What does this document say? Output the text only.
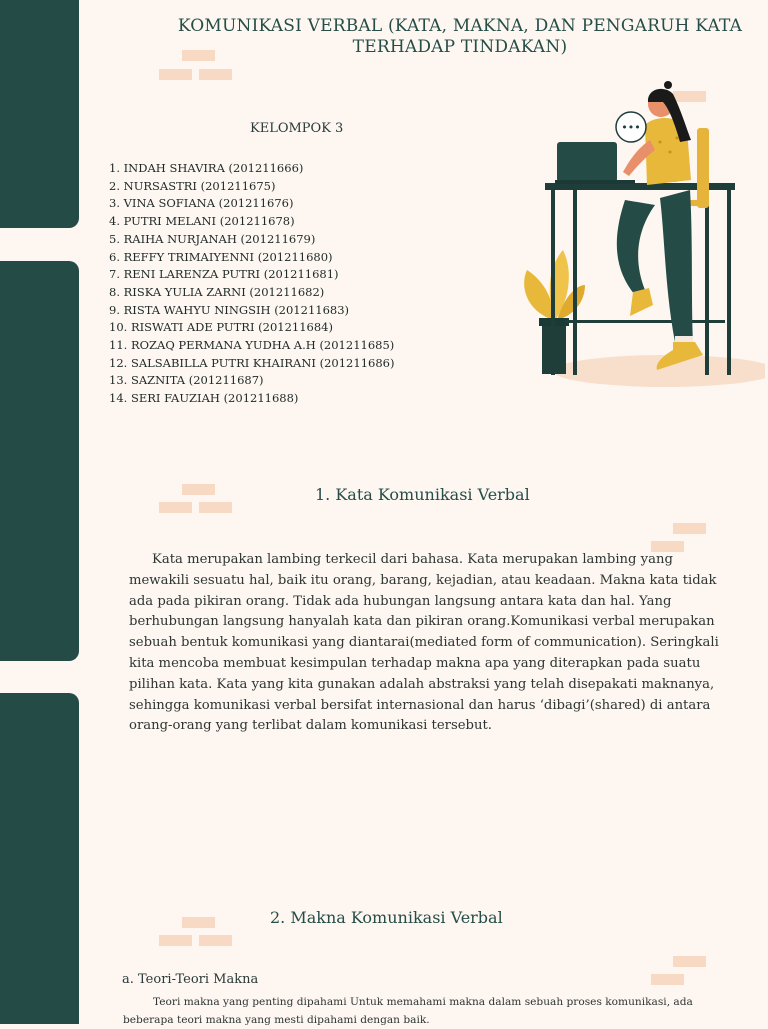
KOMUNIKASI VERBAL (KATA, MAKNA, DAN PENGARUH KATA
TERHADAP TINDAKAN)
KELOMPOK 3
1. INDAH SHAVIRA (201211666)
2. NURSASTRI (201211675)
3. VINA SOFIANA (201211676)
4. PUTRI MELANI (201211678)
5. RAIHA NURJANAH (201211679)
6. REFFY TRIMAIYENNI (201211680)
7. RENI LARENZA PUTRI (201211681)
8. RISKA YULIA ZARNI (201211682)
9. RISTA WAHYU NINGSIH (201211683)
10. RISWATI ADE PUTRI (201211684)
11. ROZAQ PERMANA YUDHA A.H (201211685)
12. SALSABILLA PUTRI KHAIRANI (201211686)
13. SAZNITA (201211687)
14. SERI FAUZIAH (201211688)
•••
1. Kata Komunikasi Verbal

Kata merupakan lambing terkecil dari bahasa. Kata merupakan lambing yang mewakili sesuatu hal, baik itu orang, barang, kejadian, atau keadaan. Makna kata tidak ada pada pikiran orang. Tidak ada hubungan langsung antara kata dan hal. Yang berhubungan langsung hanyalah kata dan pikiran orang.Komunikasi verbal merupakan sebuah bentuk komunikasi yang diantarai(mediated form of communication). Seringkali kita mencoba membuat kesimpulan terhadap makna apa yang diterapkan pada suatu pilihan kata. Kata yang kita gunakan adalah abstraksi yang telah disepakati maknanya, sehingga komunikasi verbal bersifat internasional dan harus ‘dibagi’(shared) di antara orang-orang yang terlibat dalam komunikasi tersebut.

2. Makna Komunikasi Verbal
a. Teori-Teori Makna

Teori makna yang penting dipahami Untuk memahami makna dalam sebuah proses komunikasi, ada beberapa teori makna yang mesti dipahami dengan baik.
